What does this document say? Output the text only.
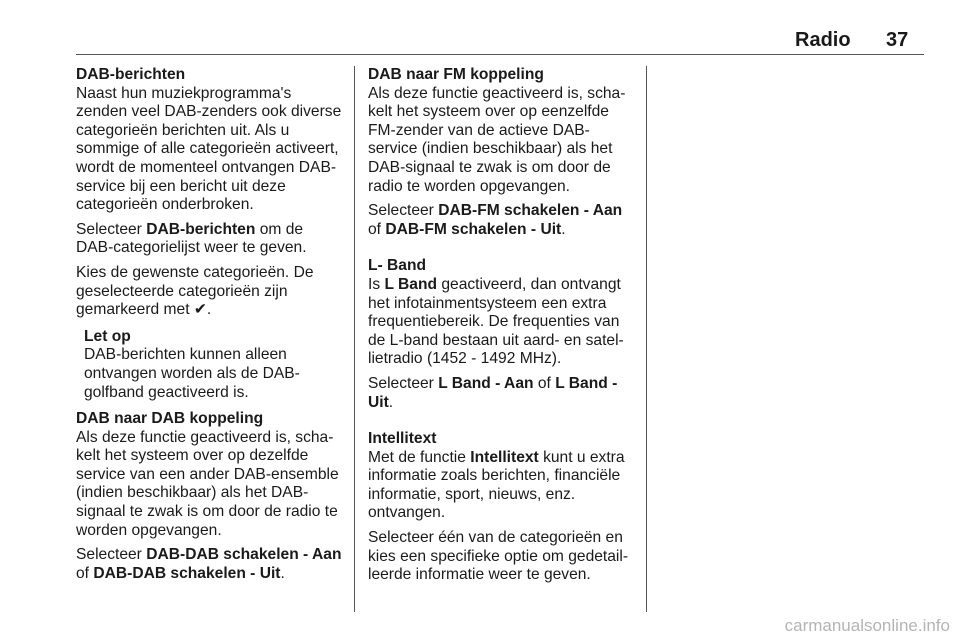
Radio 37

DAB-berichten

Naast hun muziekprogramma's zenden veel DAB-zenders ook diverse categorieën berichten uit. Als u sommige of alle categorieën activeert, wordt de momenteel ontvangen DAB-service bij een bericht uit deze categorieën onderbroken.

Selecteer DAB-berichten om de DAB-categorielijst weer te geven.

Kies de gewenste categorieën. De geselecteerde categorieën zijn gemarkeerd met ✔.

Let op

DAB-berichten kunnen alleen ontvangen worden als de DAB-golfband geactiveerd is.

DAB naar DAB koppeling

Als deze functie geactiveerd is, schakelt het systeem over op dezelfde service van een ander DAB-ensemble (indien beschikbaar) als het DAB-signaal te zwak is om door de radio te worden opgevangen.

Selecteer DAB-DAB schakelen - Aan of DAB-DAB schakelen - Uit.

DAB naar FM koppeling

Als deze functie geactiveerd is, schakelt het systeem over op eenzelfde FM-zender van de actieve DAB-service (indien beschikbaar) als het DAB-signaal te zwak is om door de radio te worden opgevangen.

Selecteer DAB-FM schakelen - Aan of DAB-FM schakelen - Uit.

L- Band

Is L Band geactiveerd, dan ontvangt het infotainmentsysteem een extra frequentiebereik. De frequenties van de L-band bestaan uit aard- en satellietradio (1452 - 1492 MHz).

Selecteer L Band - Aan of L Band - Uit.

Intellitext

Met de functie Intellitext kunt u extra informatie zoals berichten, financiële informatie, sport, nieuws, enz. ontvangen.

Selecteer één van de categorieën en kies een specifieke optie om gedetailleerde informatie weer te geven.

carmanualsonline.info
